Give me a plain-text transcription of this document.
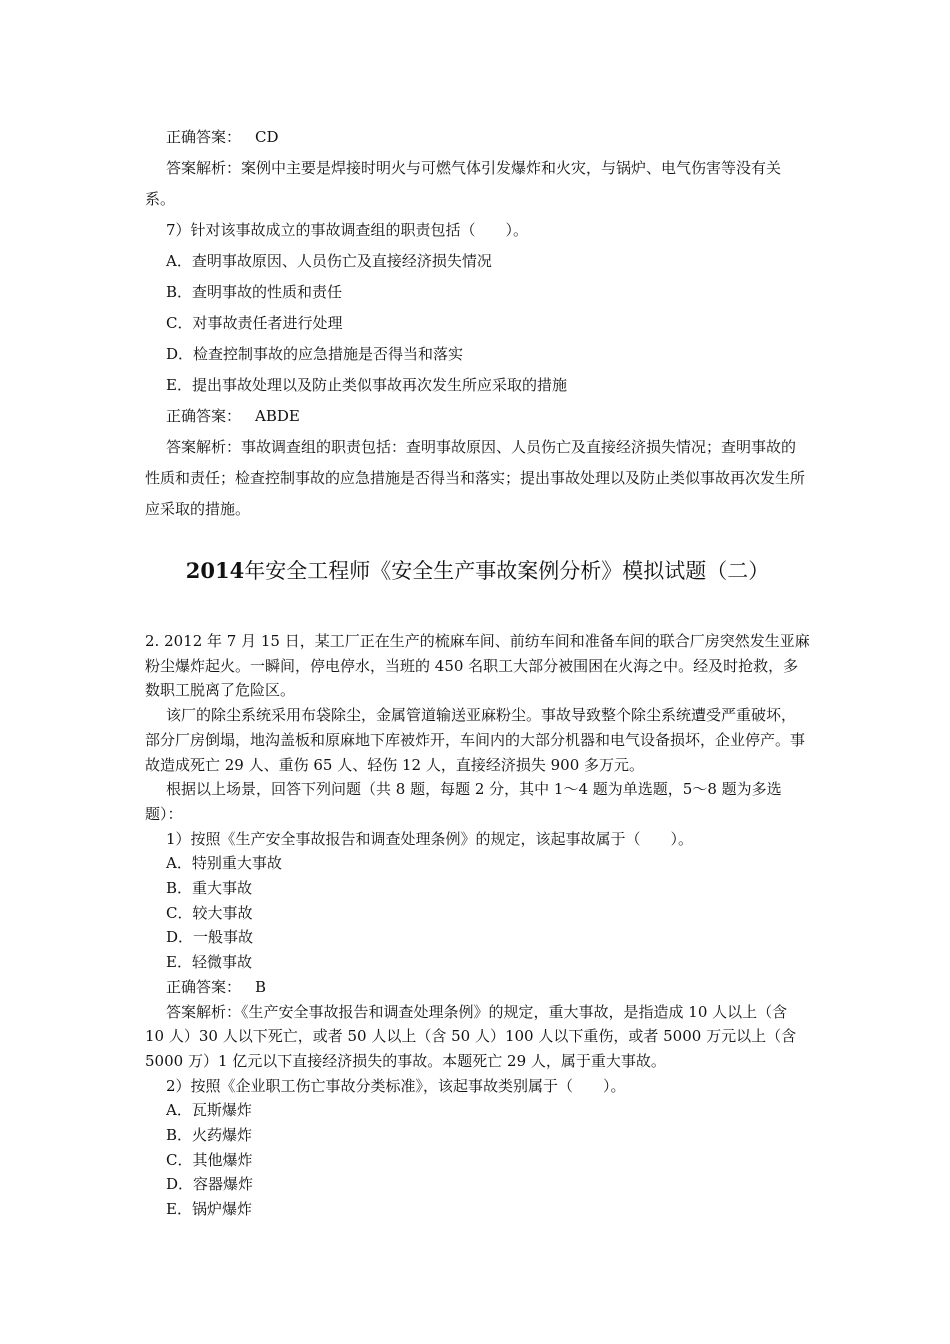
正确答案： CD

答案解析：案例中主要是焊接时明火与可燃气体引发爆炸和火灾，与锅炉、电气伤害等没有关系。

7）针对该事故成立的事故调查组的职责包括（　　）。

A．查明事故原因、人员伤亡及直接经济损失情况

B．查明事故的性质和责任

C．对事故责任者进行处理

D．检查控制事故的应急措施是否得当和落实

E．提出事故处理以及防止类似事故再次发生所应采取的措施

正确答案： ABDE

答案解析：事故调查组的职责包括：查明事故原因、人员伤亡及直接经济损失情况；查明事故的性质和责任；检查控制事故的应急措施是否得当和落实；提出事故处理以及防止类似事故再次发生所应采取的措施。

2014年安全工程师《安全生产事故案例分析》模拟试题（二）

2. 2012 年 7 月 15 日，某工厂正在生产的梳麻车间、前纺车间和准备车间的联合厂房突然发生亚麻粉尘爆炸起火。一瞬间，停电停水，当班的 450 名职工大部分被围困在火海之中。经及时抢救，多数职工脱离了危险区。

该厂的除尘系统采用布袋除尘，金属管道输送亚麻粉尘。事故导致整个除尘系统遭受严重破坏，部分厂房倒塌，地沟盖板和原麻地下库被炸开，车间内的大部分机器和电气设备损坏，企业停产。事故造成死亡 29 人、重伤 65 人、轻伤 12 人，直接经济损失 900 多万元。

根据以上场景，回答下列问题（共 8 题，每题 2 分，其中 1～4 题为单选题，5～8 题为多选题）：

1）按照《生产安全事故报告和调查处理条例》的规定，该起事故属于（　　）。

A．特别重大事故

B．重大事故

C．较大事故

D．一般事故

E．轻微事故

正确答案： B

答案解析：《生产安全事故报告和调查处理条例》的规定，重大事故，是指造成 10 人以上（含 10 人）30 人以下死亡，或者 50 人以上（含 50 人）100 人以下重伤，或者 5000 万元以上（含 5000 万）1 亿元以下直接经济损失的事故。本题死亡 29 人，属于重大事故。

2）按照《企业职工伤亡事故分类标准》，该起事故类别属于（　　）。

A．瓦斯爆炸

B．火药爆炸

C．其他爆炸

D．容器爆炸

E．锅炉爆炸
